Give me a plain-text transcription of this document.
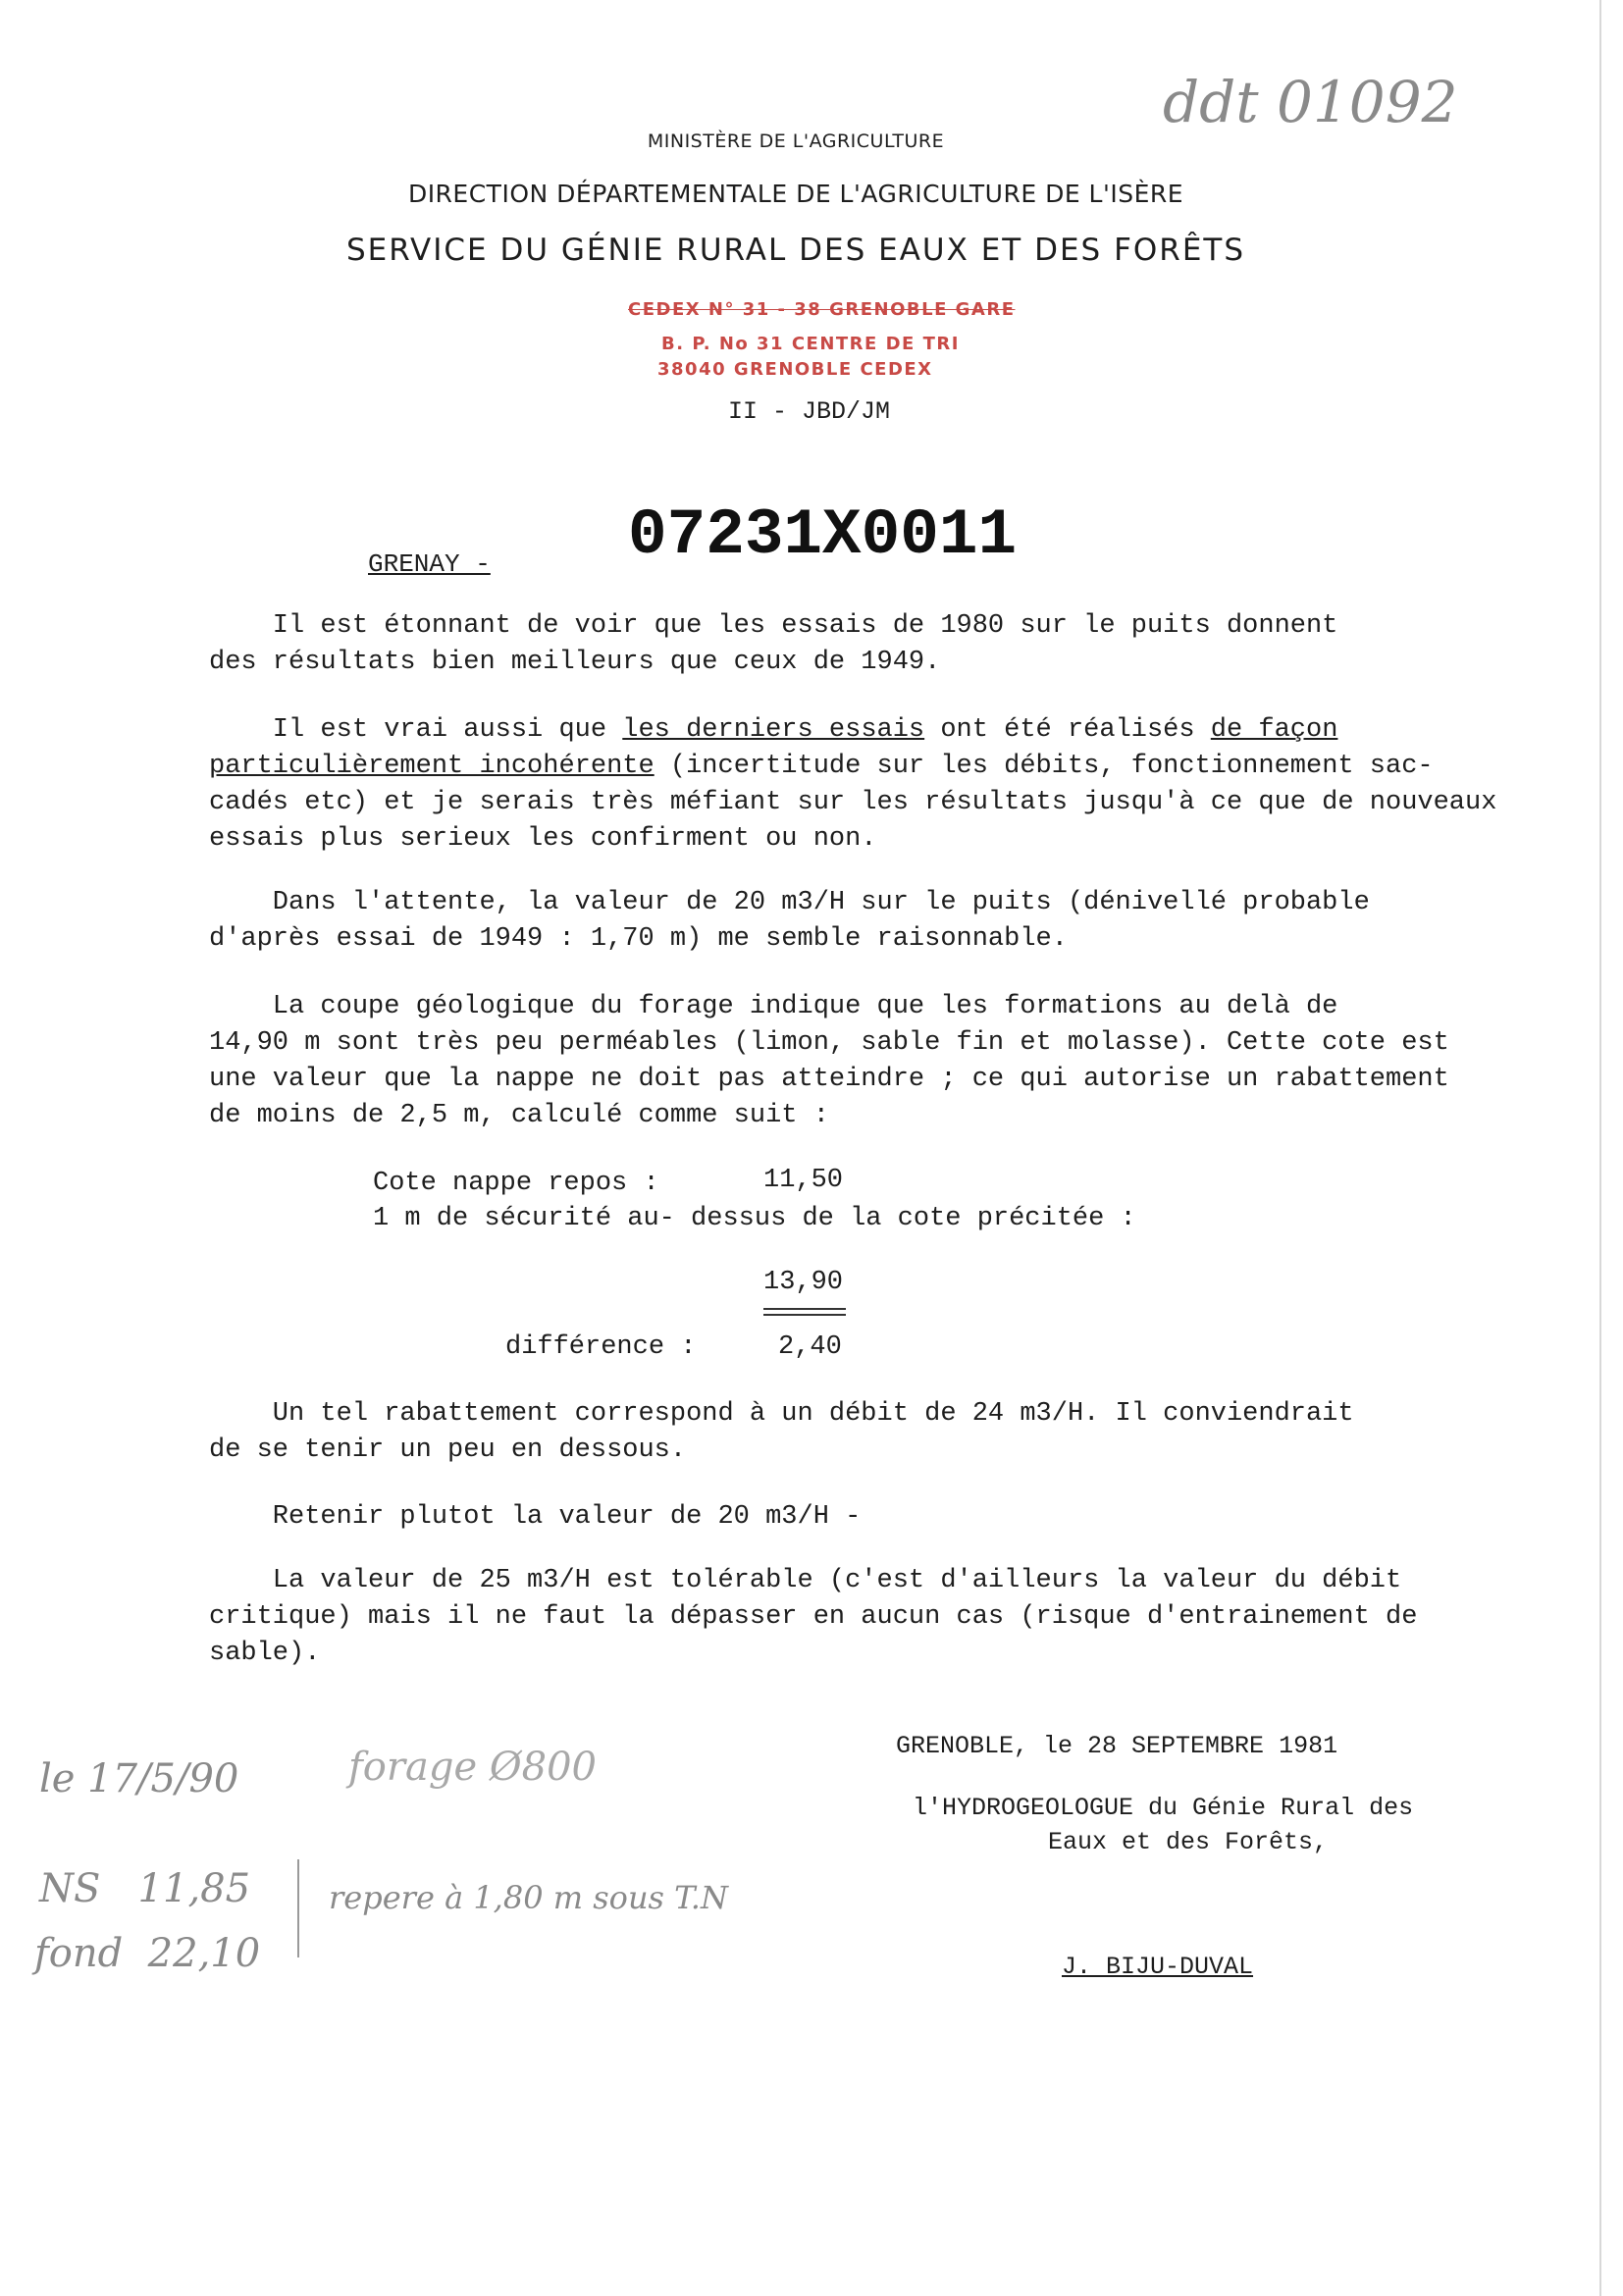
ddt 01092
MINISTÈRE DE L'AGRICULTURE
DIRECTION DÉPARTEMENTALE DE L'AGRICULTURE DE L'ISÈRE
SERVICE DU GÉNIE RURAL DES EAUX ET DES FORÊTS
CEDEX N° 31 - 38 GRENOBLE GARE
B. P. No 31 CENTRE DE TRI
38040 GRENOBLE CEDEX
II - JBD/JM
07231X0011
GRENAY -
Il est étonnant de voir que les essais de 1980 sur le puits donnent
des résultats bien meilleurs que ceux de 1949.
Il est vrai aussi que les derniers essais ont été réalisés de façon
particulièrement incohérente (incertitude sur les débits, fonctionnement sac-
cadés etc) et je serais très méfiant sur les résultats jusqu'à ce que de nouveaux
essais plus serieux les confirment ou non.
Dans l'attente, la valeur de 20 m3/H sur le puits (dénivellé probable
d'après essai de 1949 : 1,70 m) me semble raisonnable.
La coupe géologique du forage indique que les formations au delà de
14,90 m sont très peu perméables (limon, sable fin et molasse). Cette cote est
une valeur que la nappe ne doit pas atteindre ; ce qui autorise un rabattement
de moins de 2,5 m, calculé comme suit :
Cote nappe repos :	11,50
1 m de sécurité au- dessus de la cote précitée :
13,90
différence :	2,40
Un tel rabattement correspond à un débit de 24 m3/H. Il conviendrait
de se tenir un peu en dessous.
Retenir plutot la valeur de 20 m3/H -
La valeur de 25 m3/H est tolérable (c'est d'ailleurs la valeur du débit
critique) mais il ne faut la dépasser en aucun cas (risque d'entrainement de
sable).
GRENOBLE, le 28 SEPTEMBRE 1981
l'HYDROGEOLOGUE du Génie Rural des
Eaux et des Forêts,
J. BIJU-DUVAL
le 17/5/90	forage Ø800
NS   11,85
fond  22,10
repere à 1,80 m sous T.N
